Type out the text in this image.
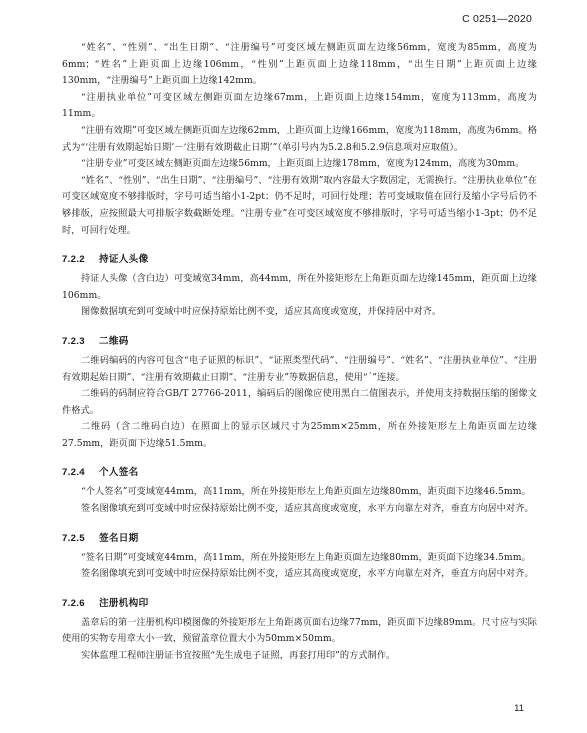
C 0251—2020

“姓名”、“性别”、“出生日期”、“注册编号”可变区域左侧距页面左边缘56mm，宽度为85mm，高度为6mm；“姓名”上距页面上边缘106mm，“性别”上距页面上边缘118mm，“出生日期”上距页面上边缘130mm，“注册编号”上距页面上边缘142mm。

“注册执业单位”可变区域左侧距页面左边缘67mm，上距页面上边缘154mm，宽度为113mm，高度为11mm。

“注册有效期”可变区域左侧距页面左边缘62mm，上距页面上边缘166mm，宽度为118mm，高度为6mm。格式为“‘注册有效期起始日期’－‘注册有效期截止日期’”（单引号内为5.2.8和5.2.9信息项对应取值）。

“注册专业”可变区域左侧距页面左边缘56mm，上距页面上边缘178mm，宽度为124mm，高度为30mm。

“姓名”、“性别”、“出生日期”、“注册编号”、“注册有效期”取内容最大字数固定，无需换行。“注册执业单位”在可变区域宽度不够排版时，字号可适当缩小1-2pt；仍不足时，可回行处理；若可变域取值在回行及缩小字号后仍不够排版，应按照最大可排版字数截断处理。“注册专业”在可变区域宽度不够排版时，字号可适当缩小1-3pt；仍不足时，可回行处理。

7.2.2 持证人头像

持证人头像（含白边）可变域宽34mm，高44mm，所在外接矩形左上角距页面左边缘145mm，距页面上边缘106mm。

图像数据填充到可变域中时应保持原始比例不变，适应其高度或宽度，并保持居中对齐。

7.2.3 二维码

二维码编码的内容可包含“电子证照的标识”、“证照类型代码”、“注册编号”、“姓名”、“注册执业单位”、“注册有效期起始日期”、“注册有效期截止日期”、“注册专业”等数据信息，使用“´”连接。

二维码的码制应符合GB/T 27766-2011，编码后的图像应使用黑白二值图表示，并使用支持数据压缩的图像文件格式。

二维码（含二维码白边）在照面上的显示区域尺寸为25mm×25mm，所在外接矩形左上角距页面左边缘27.5mm，距页面下边缘51.5mm。

7.2.4 个人签名

“个人签名”可变域宽44mm，高11mm，所在外接矩形左上角距页面左边缘80mm，距页面下边缘46.5mm。

签名图像填充到可变域中时应保持原始比例不变，适应其高度或宽度，水平方向靠左对齐，垂直方向居中对齐。

7.2.5 签名日期

“签名日期”可变域宽44mm，高11mm，所在外接矩形左上角距页面左边缘80mm，距页面下边缘34.5mm。

签名图像填充到可变域中时应保持原始比例不变，适应其高度或宽度，水平方向靠左对齐，垂直方向居中对齐。

7.2.6 注册机构印

盖章后的第一注册机构印模图像的外接矩形左上角距离页面右边缘77mm，距页面下边缘89mm。尺寸应与实际使用的实物专用章大小一致，预留盖章位置大小为50mm×50mm。

实体监理工程师注册证书宜按照“先生成电子证照，再套打用印”的方式制作。

11
